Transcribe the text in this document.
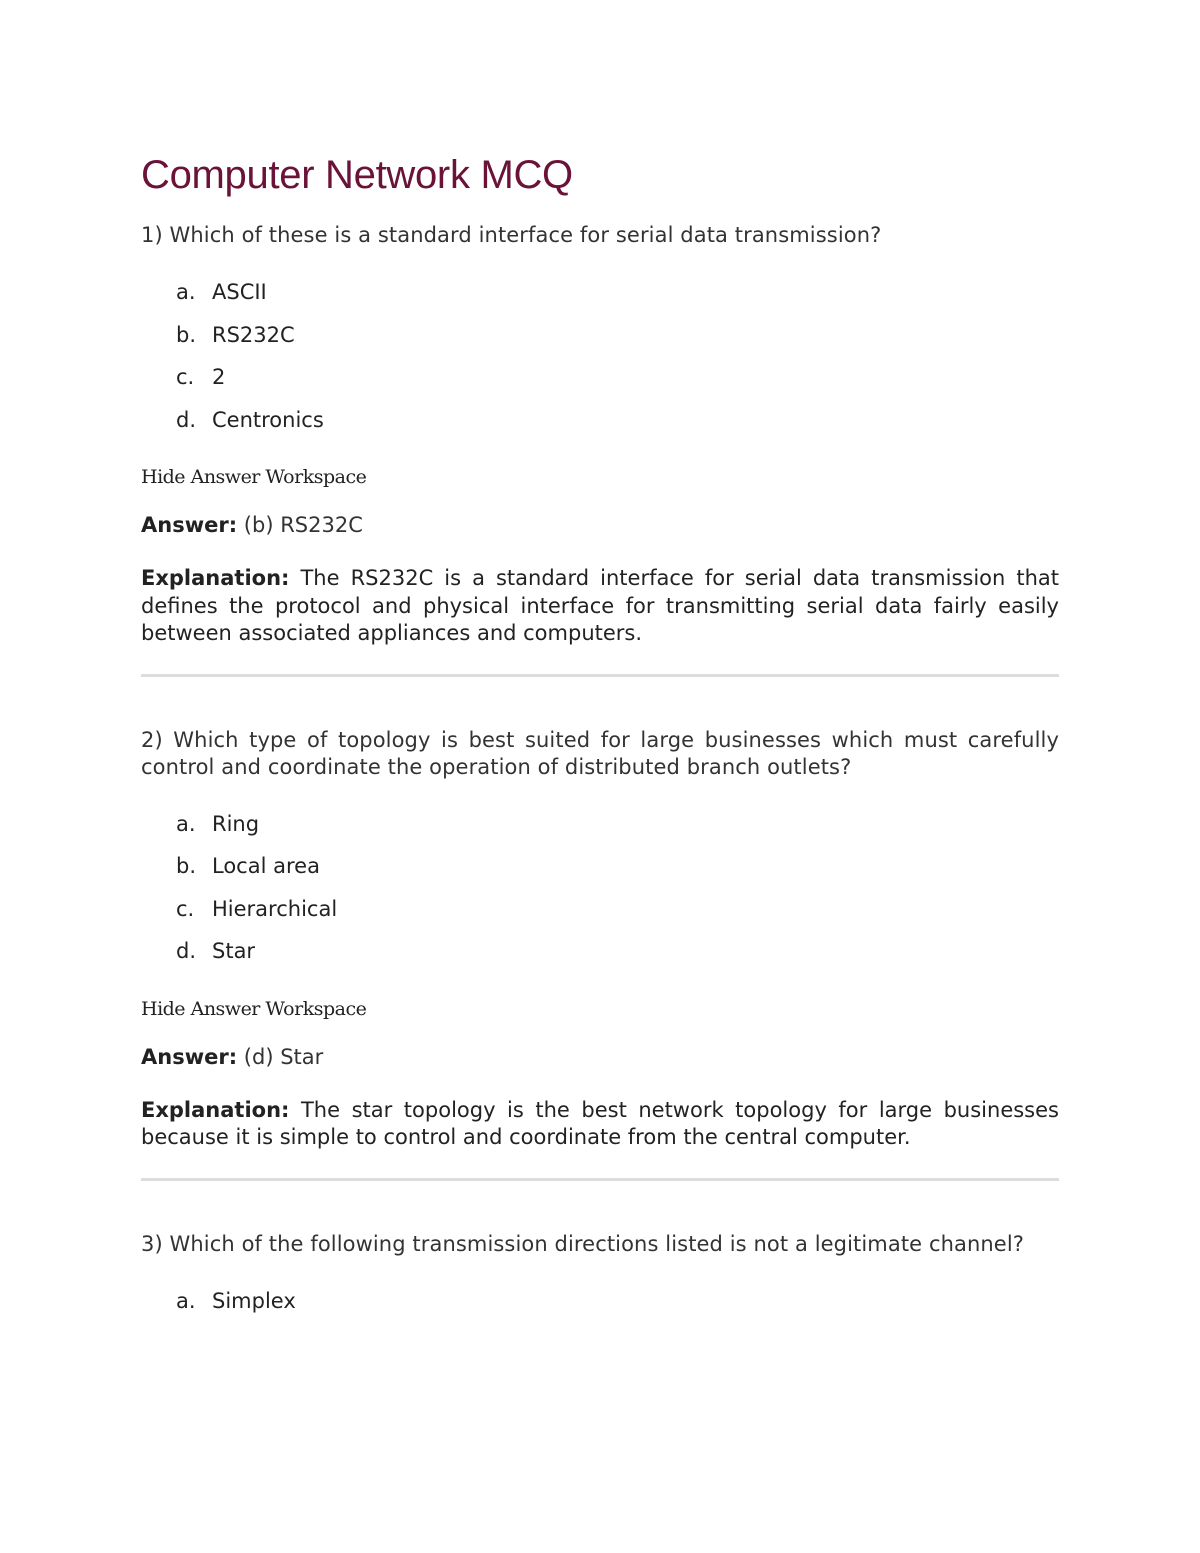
Computer Network MCQ

1) Which of these is a standard interface for serial data transmission?

a. ASCII
b. RS232C
c. 2
d. Centronics

Hide Answer Workspace

Answer: (b) RS232C

Explanation: The RS232C is a standard interface for serial data transmission that defines the protocol and physical interface for transmitting serial data fairly easily between associated appliances and computers.

2) Which type of topology is best suited for large businesses which must carefully control and coordinate the operation of distributed branch outlets?

a. Ring
b. Local area
c. Hierarchical
d. Star

Hide Answer Workspace

Answer: (d) Star

Explanation: The star topology is the best network topology for large businesses because it is simple to control and coordinate from the central computer.

3) Which of the following transmission directions listed is not a legitimate channel?

a. Simplex
